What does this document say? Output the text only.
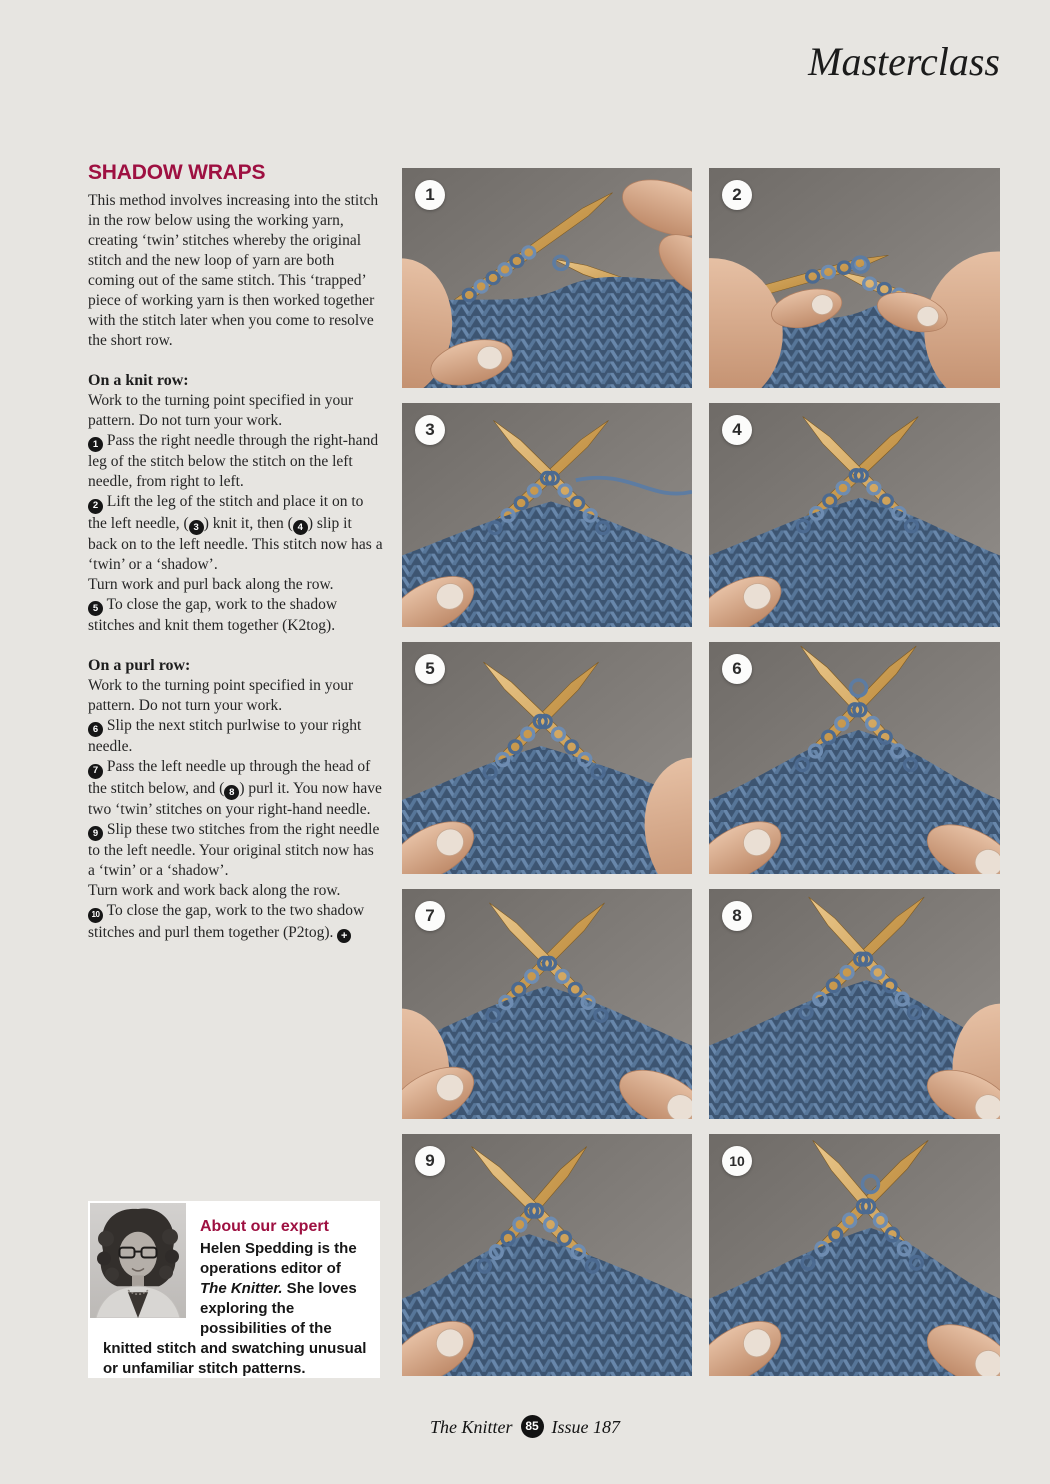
Masterclass
SHADOW WRAPS

This method involves increasing into the stitch in the row below using the working yarn, creating ‘twin’ stitches whereby the original stitch and the new loop of yarn are both coming out of the same stitch. This ‘trapped’ piece of working yarn is then worked together with the stitch later when you come to resolve the short row.

On a knit row:

Work to the turning point specified in your pattern. Do not turn your work.

1 Pass the right needle through the right-hand leg of the stitch below the stitch on the left needle, from right to left.

2 Lift the leg of the stitch and place it on to the left needle, ( 3 ) knit it, then ( 4 ) slip it back on to the left needle. This stitch now has a ‘twin’ or a ‘shadow’.

Turn work and purl back along the row.

5 To close the gap, work to the shadow stitches and knit them together (K2tog).

On a purl row:

Work to the turning point specified in your pattern. Do not turn your work.

6 Slip the next stitch purlwise to your right needle.

7 Pass the left needle up through the head of the stitch below, and ( 8 ) purl it. You now have two ‘twin’ stitches on your right-hand needle.

9 Slip these two stitches from the right needle to the left needle. Your original stitch now has a ‘twin’ or a ‘shadow’.

Turn work and work back along the row.

10 To close the gap, work to the two shadow stitches and purl them together (P2tog). +

1	2
3	4
5	6
7	8
9	10
About our expert

Helen Spedding is the operations editor of The Knitter. She loves exploring the possibilities of the knitted stitch and swatching unusual or unfamiliar stitch patterns.

The Knitter	85 Issue 187
